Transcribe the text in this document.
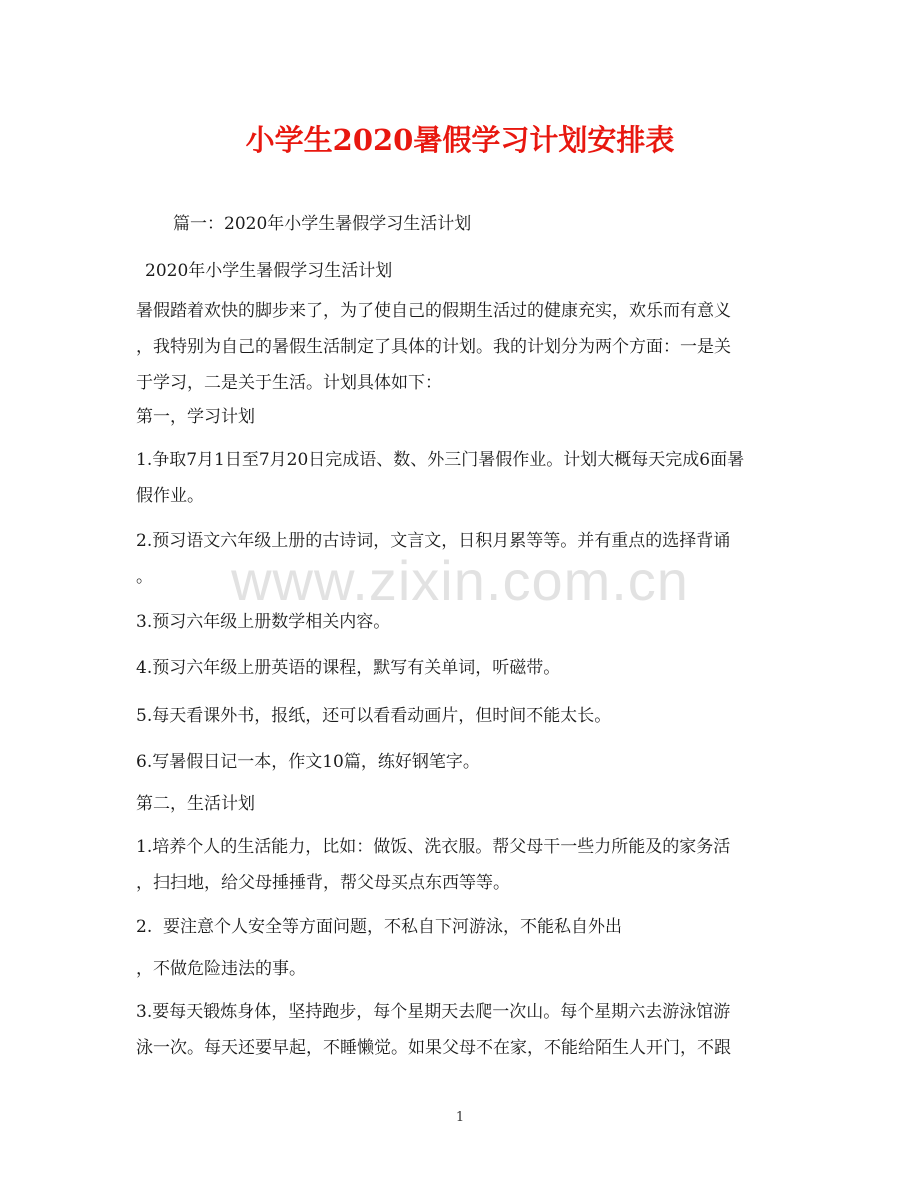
小学生2020暑假学习计划安排表
篇一：2020年小学生暑假学习生活计划
2020年小学生暑假学习生活计划
暑假踏着欢快的脚步来了，为了使自己的假期生活过的健康充实，欢乐而有意义
，我特别为自己的暑假生活制定了具体的计划。我的计划分为两个方面：一是关
于学习，二是关于生活。计划具体如下：
第一，学习计划
1.争取7月1日至7月20日完成语、数、外三门暑假作业。计划大概每天完成6面暑
假作业。
2.预习语文六年级上册的古诗词，文言文，日积月累等等。并有重点的选择背诵
。
3.预习六年级上册数学相关内容。
4.预习六年级上册英语的课程，默写有关单词，听磁带。
5.每天看课外书，报纸，还可以看看动画片，但时间不能太长。
6.写暑假日记一本，作文10篇，练好钢笔字。
第二，生活计划
1.培养个人的生活能力，比如：做饭、洗衣服。帮父母干一些力所能及的家务活
，扫扫地，给父母捶捶背，帮父母买点东西等等。
2.  要注意个人安全等方面问题，不私自下河游泳，不能私自外出
，不做危险违法的事。
3.要每天锻炼身体，坚持跑步，每个星期天去爬一次山。每个星期六去游泳馆游
泳一次。每天还要早起，不睡懒觉。如果父母不在家，不能给陌生人开门，不跟
www.zixin.com.cn
1
